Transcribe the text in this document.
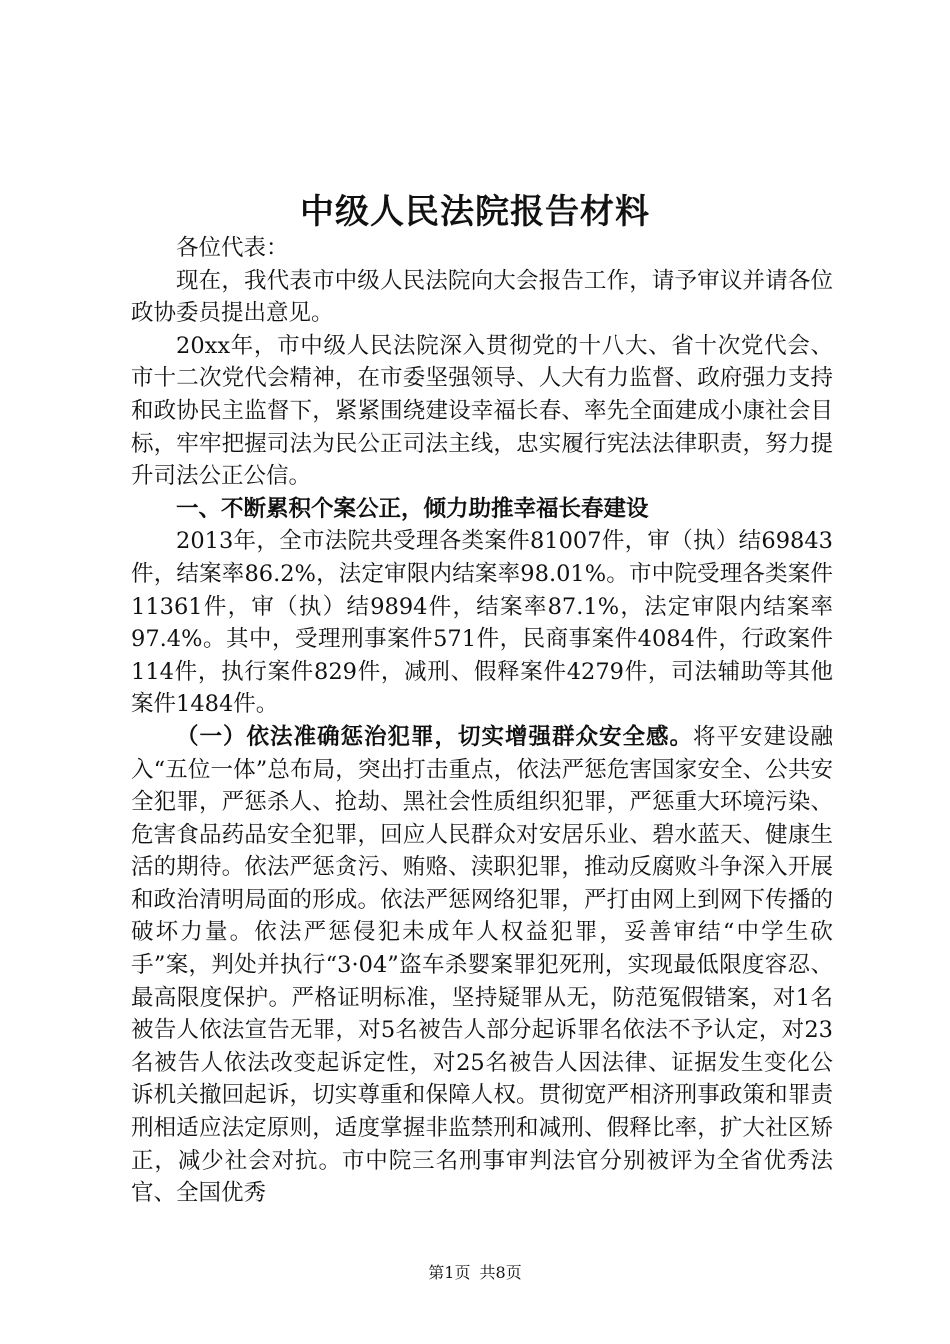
中级人民法院报告材料

各位代表：

现在，我代表市中级人民法院向大会报告工作，请予审议并请各位政协委员提出意见。

20xx年，市中级人民法院深入贯彻党的十八大、省十次党代会、市十二次党代会精神，在市委坚强领导、人大有力监督、政府强力支持和政协民主监督下，紧紧围绕建设幸福长春、率先全面建成小康社会目标，牢牢把握司法为民公正司法主线，忠实履行宪法法律职责，努力提升司法公正公信。

一、不断累积个案公正，倾力助推幸福长春建设

2013年，全市法院共受理各类案件81007件，审（执）结69843件，结案率86.2%，法定审限内结案率98.01%。市中院受理各类案件11361件，审（执）结9894件，结案率87.1%，法定审限内结案率97.4%。其中，受理刑事案件571件，民商事案件4084件，行政案件114件，执行案件829件，减刑、假释案件4279件，司法辅助等其他案件1484件。

（一）依法准确惩治犯罪，切实增强群众安全感。将平安建设融入“五位一体”总布局，突出打击重点，依法严惩危害国家安全、公共安全犯罪，严惩杀人、抢劫、黑社会性质组织犯罪，严惩重大环境污染、危害食品药品安全犯罪，回应人民群众对安居乐业、碧水蓝天、健康生活的期待。依法严惩贪污、贿赂、渎职犯罪，推动反腐败斗争深入开展和政治清明局面的形成。依法严惩网络犯罪，严打由网上到网下传播的破坏力量。依法严惩侵犯未成年人权益犯罪，妥善审结“中学生砍手”案，判处并执行“3·04”盗车杀婴案罪犯死刑，实现最低限度容忍、最高限度保护。严格证明标准，坚持疑罪从无，防范冤假错案，对1名被告人依法宣告无罪，对5名被告人部分起诉罪名依法不予认定，对23名被告人依法改变起诉定性，对25名被告人因法律、证据发生变化公诉机关撤回起诉，切实尊重和保障人权。贯彻宽严相济刑事政策和罪责刑相适应法定原则，适度掌握非监禁刑和减刑、假释比率，扩大社区矫正，减少社会对抗。市中院三名刑事审判法官分别被评为全省优秀法官、全国优秀

第1页 共8页
